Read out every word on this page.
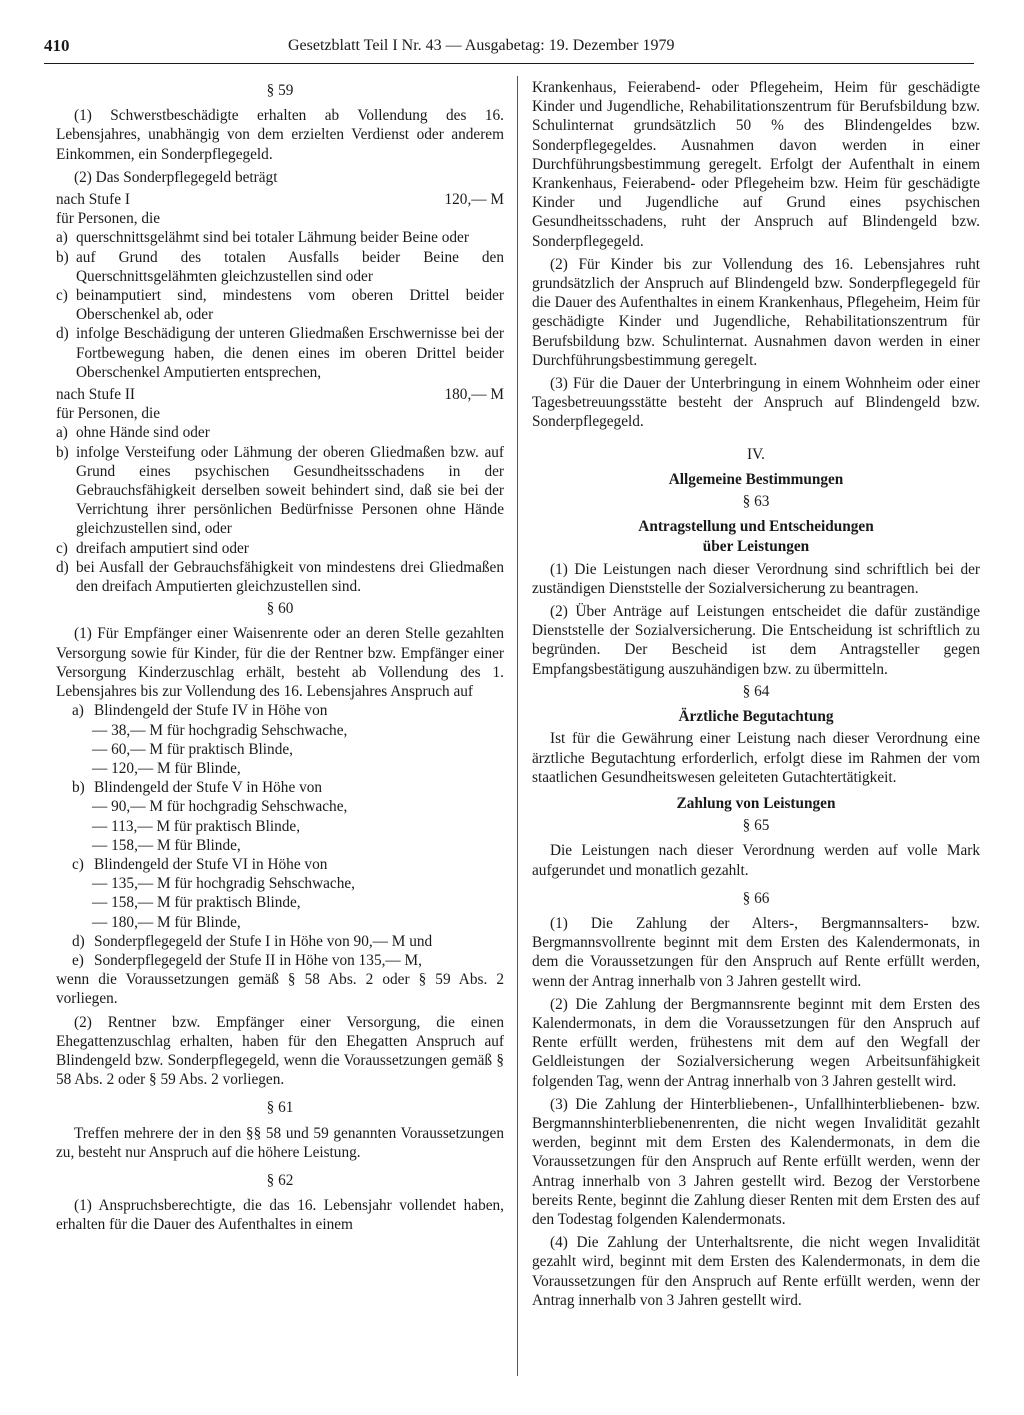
410	Gesetzblatt Teil I Nr. 43 — Ausgabetag: 19. Dezember 1979
§ 59

(1) Schwerstbeschädigte erhalten ab Vollendung des 16. Lebensjahres, unabhängig von dem erzielten Verdienst oder anderem Einkommen, ein Sonderpflegegeld.

(2) Das Sonderpflegegeld beträgt

nach Stufe I	120,— M

für Personen, die

a) querschnittsgelähmt sind bei totaler Lähmung beider Beine oder
b) auf Grund des totalen Ausfalls beider Beine den Querschnittsgelähmten gleichzustellen sind oder
c) beinamputiert sind, mindestens vom oberen Drittel beider Oberschenkel ab, oder
d) infolge Beschädigung der unteren Gliedmaßen Erschwernisse bei der Fortbewegung haben, die denen eines im oberen Drittel beider Oberschenkel Amputierten entsprechen,
nach Stufe II	180,— M

für Personen, die

a) ohne Hände sind oder
b) infolge Versteifung oder Lähmung der oberen Gliedmaßen bzw. auf Grund eines psychischen Gesundheitsschadens in der Gebrauchsfähigkeit derselben soweit behindert sind, daß sie bei der Verrichtung ihrer persönlichen Bedürfnisse Personen ohne Hände gleichzustellen sind, oder
c) dreifach amputiert sind oder
d) bei Ausfall der Gebrauchsfähigkeit von mindestens drei Gliedmaßen den dreifach Amputierten gleichzustellen sind.
§ 60

(1) Für Empfänger einer Waisenrente oder an deren Stelle gezahlten Versorgung sowie für Kinder, für die der Rentner bzw. Empfänger einer Versorgung Kinderzuschlag erhält, besteht ab Vollendung des 1. Lebensjahres bis zur Vollendung des 16. Lebensjahres Anspruch auf

a) Blindengeld der Stufe IV in Höhe von

— 38,— M für hochgradig Sehschwache,

— 60,— M für praktisch Blinde,

— 120,— M für Blinde,

b) Blindengeld der Stufe V in Höhe von

— 90,— M für hochgradig Sehschwache,

— 113,— M für praktisch Blinde,

— 158,— M für Blinde,

c) Blindengeld der Stufe VI in Höhe von

— 135,— M für hochgradig Sehschwache,

— 158,— M für praktisch Blinde,

— 180,— M für Blinde,

d) Sonderpflegegeld der Stufe I in Höhe von 90,— M und
e) Sonderpflegegeld der Stufe II in Höhe von 135,— M,

wenn die Voraussetzungen gemäß § 58 Abs. 2 oder § 59 Abs. 2 vorliegen.

(2) Rentner bzw. Empfänger einer Versorgung, die einen Ehegattenzuschlag erhalten, haben für den Ehegatten Anspruch auf Blindengeld bzw. Sonderpflegegeld, wenn die Voraussetzungen gemäß § 58 Abs. 2 oder § 59 Abs. 2 vorliegen.

§ 61

Treffen mehrere der in den §§ 58 und 59 genannten Voraussetzungen zu, besteht nur Anspruch auf die höhere Leistung.

§ 62

(1) Anspruchsberechtigte, die das 16. Lebensjahr vollendet haben, erhalten für die Dauer des Aufenthaltes in einem

Krankenhaus, Feierabend- oder Pflegeheim, Heim für geschädigte Kinder und Jugendliche, Rehabilitationszentrum für Berufsbildung bzw. Schulinternat grundsätzlich 50 % des Blindengeldes bzw. Sonderpflegegeldes. Ausnahmen davon werden in einer Durchführungsbestimmung geregelt. Erfolgt der Aufenthalt in einem Krankenhaus, Feierabend- oder Pflegeheim bzw. Heim für geschädigte Kinder und Jugendliche auf Grund eines psychischen Gesundheitsschadens, ruht der Anspruch auf Blindengeld bzw. Sonderpflegegeld.

(2) Für Kinder bis zur Vollendung des 16. Lebensjahres ruht grundsätzlich der Anspruch auf Blindengeld bzw. Sonderpflegegeld für die Dauer des Aufenthaltes in einem Krankenhaus, Pflegeheim, Heim für geschädigte Kinder und Jugendliche, Rehabilitationszentrum für Berufsbildung bzw. Schulinternat. Ausnahmen davon werden in einer Durchführungsbestimmung geregelt.

(3) Für die Dauer der Unterbringung in einem Wohnheim oder einer Tagesbetreuungsstätte besteht der Anspruch auf Blindengeld bzw. Sonderpflegegeld.

IV.
Allgemeine Bestimmungen
§ 63
Antragstellung und Entscheidungen
über Leistungen

(1) Die Leistungen nach dieser Verordnung sind schriftlich bei der zuständigen Dienststelle der Sozialversicherung zu beantragen.

(2) Über Anträge auf Leistungen entscheidet die dafür zuständige Dienststelle der Sozialversicherung. Die Entscheidung ist schriftlich zu begründen. Der Bescheid ist dem Antragsteller gegen Empfangsbestätigung auszuhändigen bzw. zu übermitteln.

§ 64
Ärztliche Begutachtung

Ist für die Gewährung einer Leistung nach dieser Verordnung eine ärztliche Begutachtung erforderlich, erfolgt diese im Rahmen der vom staatlichen Gesundheitswesen geleiteten Gutachtertätigkeit.

Zahlung von Leistungen
§ 65

Die Leistungen nach dieser Verordnung werden auf volle Mark aufgerundet und monatlich gezahlt.

§ 66

(1) Die Zahlung der Alters-, Bergmannsalters- bzw. Bergmannsvollrente beginnt mit dem Ersten des Kalendermonats, in dem die Voraussetzungen für den Anspruch auf Rente erfüllt werden, wenn der Antrag innerhalb von 3 Jahren gestellt wird.

(2) Die Zahlung der Bergmannsrente beginnt mit dem Ersten des Kalendermonats, in dem die Voraussetzungen für den Anspruch auf Rente erfüllt werden, frühestens mit dem auf den Wegfall der Geldleistungen der Sozialversicherung wegen Arbeitsunfähigkeit folgenden Tag, wenn der Antrag innerhalb von 3 Jahren gestellt wird.

(3) Die Zahlung der Hinterbliebenen-, Unfallhinterbliebenen- bzw. Bergmannshinterbliebenenrenten, die nicht wegen Invalidität gezahlt werden, beginnt mit dem Ersten des Kalendermonats, in dem die Voraussetzungen für den Anspruch auf Rente erfüllt werden, wenn der Antrag innerhalb von 3 Jahren gestellt wird. Bezog der Verstorbene bereits Rente, beginnt die Zahlung dieser Renten mit dem Ersten des auf den Todestag folgenden Kalendermonats.

(4) Die Zahlung der Unterhaltsrente, die nicht wegen Invalidität gezahlt wird, beginnt mit dem Ersten des Kalendermonats, in dem die Voraussetzungen für den Anspruch auf Rente erfüllt werden, wenn der Antrag innerhalb von 3 Jahren gestellt wird.
